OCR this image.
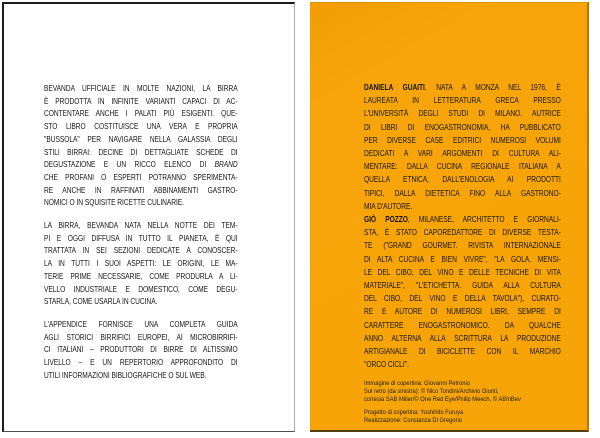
BEVANDA UFFICIALE IN MOLTE NAZIONI, LA BIRRA
È PRODOTTA IN INFINITE VARIANTI CAPACI DI AC-
CONTENTARE ANCHE I PALATI PIÙ ESIGENTI. QUE-
STO LIBRO COSTITUISCE UNA VERA E PROPRIA
"BUSSOLA" PER NAVIGARE NELLA GALASSIA DEGLI
STILI BIRRAI: DECINE DI DETTAGLIATE SCHEDE DI
DEGUSTAZIONE E UN RICCO ELENCO DI BRAND
CHE PROFANI O ESPERTI POTRANNO SPERIMENTA-
RE ANCHE IN RAFFINATI ABBINAMENTI GASTRO-
NOMICI O IN SQUISITE RICETTE CULINARIE.
LA BIRRA, BEVANDA NATA NELLA NOTTE DEI TEM-
PI E OGGI DIFFUSA IN TUTTO IL PIANETA, È QUI
TRATTATA IN SEI SEZIONI DEDICATE A CONOSCER-
LA IN TUTTI I SUOI ASPETTI: LE ORIGINI, LE MA-
TERIE PRIME NECESSARIE, COME PRODURLA A LI-
VELLO INDUSTRIALE E DOMESTICO, COME DEGU-
STARLA, COME USARLA IN CUCINA.
L'APPENDICE FORNISCE UNA COMPLETA GUIDA
AGLI STORICI BIRRIFICI EUROPEI, AI MICROBIRRIFI-
CI ITALIANI – PRODUTTORI DI BIRRE DI ALTISSIMO
LIVELLO – E UN REPERTORIO APPROFONDITO DI
UTILI INFORMAZIONI BIBLIOGRAFICHE O SUL WEB.
DANIELA GUAITI, NATA A MONZA NEL 1976, È
LAUREATA IN LETTERATURA GRECA PRESSO
L'UNIVERSITÀ DEGLI STUDI DI MILANO. AUTRICE
DI LIBRI DI ENOGASTRONOMIA, HA PUBBLICATO
PER DIVERSE CASE EDITRICI NUMEROSI VOLUMI
DEDICATI A VARI ARGOMENTI DI CULTURA ALI-
MENTARE: DALLA CUCINA REGIONALE ITALIANA A
QUELLA ETNICA, DALL'ENOLOGIA AI PRODOTTI
TIPICI, DALLA DIETETICA FINO ALLA GASTRONO-
MIA D'AUTORE.
GIÒ POZZO, MILANESE, ARCHITETTO E GIORNALI-
STA, È STATO CAPOREDATTORE DI DIVERSE TESTA-
TE ("GRAND GOURMET. RIVISTA INTERNAZIONALE
DI ALTA CUCINA E BIEN VIVRE", "LA GOLA. MENSI-
LE DEL CIBO, DEL VINO E DELLE TECNICHE DI VITA
MATERIALE", "L'ETICHETTA. GUIDA ALLA CULTURA
DEL CIBO, DEL VINO E DELLA TAVOLA"), CURATO-
RE E AUTORE DI NUMEROSI LIBRI, SEMPRE DI
CARATTERE ENOGASTRONOMICO. DA QUALCHE
ANNO ALTERNA ALLA SCRITTURA LA PRODUZIONE
ARTIGIANALE DI BICICLETTE CON IL MARCHIO
"ORCO CICLI".
Immagine di copertina: Giovanni Petronio
Sul retro (da sinistra): © Nico Tondini/Archivio Giunti,
cortesia SAB Miller/© One Red Eye/Philip Meech, © ABInBev
Progetto di copertina: Yoshihito Furuya
Realizzazione: Constanza Di Gregorio
